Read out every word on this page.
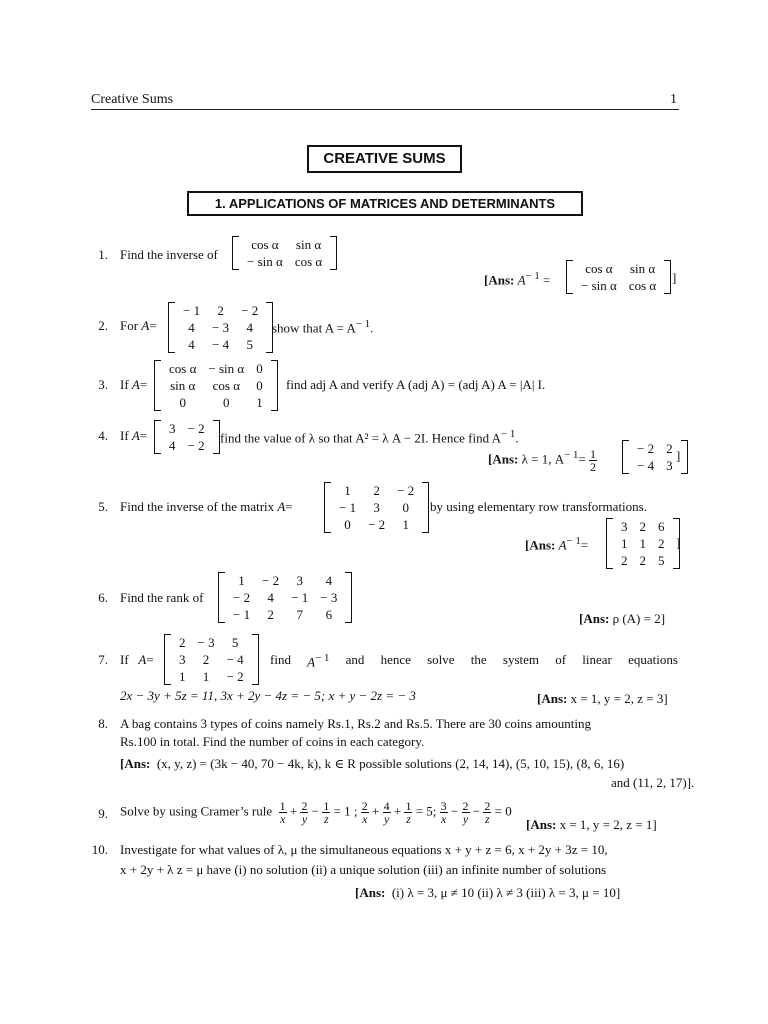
Creative Sums	1
CREATIVE SUMS
1. APPLICATIONS OF MATRICES AND DETERMINANTS
1. Find the inverse of
cos α	sin α
− sin α	cos α
[Ans: $A^{- 1}$ =
cos α	sin α
− sin α	cos α
]
2. For A=
− 1	2	− 2
4	− 3	4
4	− 4	5
show that $A = A^{- 1}$.
3. If A=
cos α	− sin α	0
sin α	cos α	0
0	0	1
find adj A and verify A (adj A) = (adj A) A = |A| I.
4. If A= 3	− 2
4	− 2
find the value of λ so that A² = λ A − 2I. Hence find $A^{- 1}$.
[Ans: λ = 1, $A^{- 1}= \frac{1}{2}$	− 2	2
− 4	3
]
5. Find the inverse of the matrix A=
1	2	− 2
− 1	3	0
0	− 2	1
by using elementary row transformations.
[Ans: $A^{- 1}=$
3	2	6
1	1	2
2	2	5
]
6. Find the rank of
1	− 2	3	4
− 2	4	− 1	− 3
− 1	2	7	6	[Ans: ρ (A) = 2]
7. If A=
2	− 3	5
3	2	− 4
1	1	− 2
find $A^{- 1}$ and hence solve the system of linear equations
2x − 3y + 5z = 11, 3x + 2y − 4z = − 5; x + y − 2z = − 3	[Ans: x = 1, y = 2, z = 3]
8. A bag contains 3 types of coins namely Rs.1, Rs.2 and Rs.5. There are 30 coins amounting
Rs.100 in total. Find the number of coins in each category.
[Ans: (x, y, z) = (3k − 40, 70 − 4k, k), k ∈ R possible solutions (2, 14, 14), (5, 10, 15), (8, 6, 16)
and (11, 2, 17)].
9. Solve by using Cramer’s rule $\frac{1}{x} + \frac{2}{y} - \frac{1}{z} = 1$ ; $\frac{2}{x} + \frac{4}{y} + \frac{1}{z} = 5$; $\frac{3}{x} - \frac{2}{y} - \frac{2}{z} = 0$
[Ans: x = 1, y = 2, z = 1]
10. Investigate for what values of λ, μ the simultaneous equations x + y + z = 6, x + 2y + 3z = 10,
x + 2y + λ z = μ have (i) no solution (ii) a unique solution (iii) an infinite number of solutions
[Ans: (i) λ = 3, μ ≠ 10 (ii) λ ≠ 3 (iii) λ = 3, μ = 10]
